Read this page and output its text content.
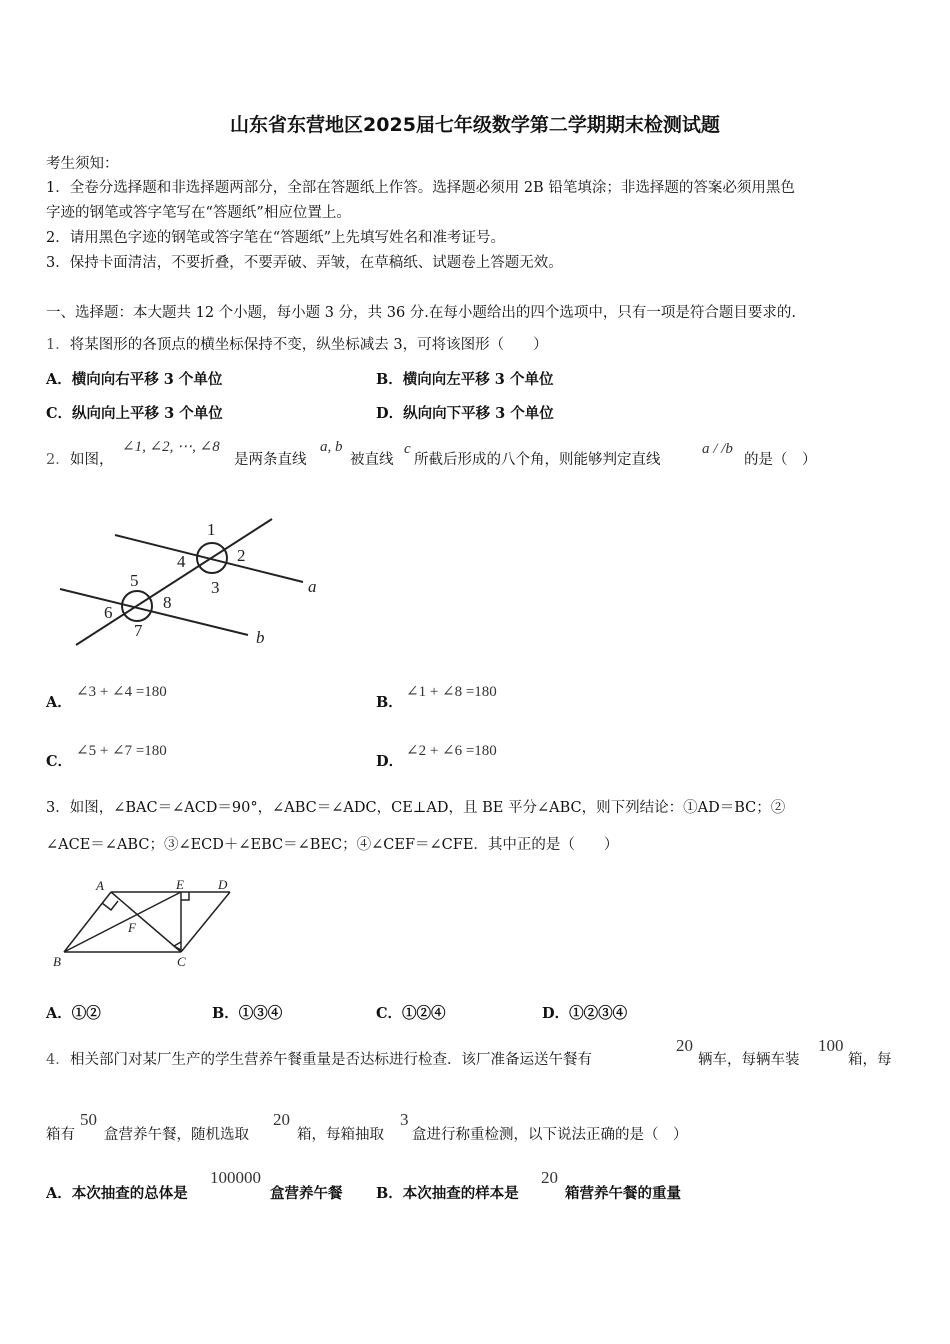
山东省东营地区2025届七年级数学第二学期期末检测试题
考生须知：
1．全卷分选择题和非选择题两部分，全部在答题纸上作答。选择题必须用 2B 铅笔填涂；非选择题的答案必须用黑色
字迹的钢笔或答字笔写在“答题纸”相应位置上。
2．请用黑色字迹的钢笔或答字笔在“答题纸”上先填写姓名和准考证号。
3．保持卡面清洁，不要折叠，不要弄破、弄皱，在草稿纸、试题卷上答题无效。
一、选择题：本大题共 12 个小题，每小题 3 分，共 36 分.在每小题给出的四个选项中，只有一项是符合题目要求的.
1．将某图形的各顶点的横坐标保持不变，纵坐标减去 3，可将该图形（　　）
A．横向向右平移 3 个单位	B．横向向左平移 3 个单位
C．纵向向上平移 3 个单位	D．纵向向下平移 3 个单位
2． 如图，
∠1, ∠2, ⋯, ∠8
是两条直线
a, b
被直线
c
所截后形成的八个角，则能够判定直线
a / /b
的是（　）
1
2
3
4
5
6
7
8
a
b
A．
∠3 + ∠4 =180
B．
∠1 + ∠8 =180
C．
∠5 + ∠7 =180
D．
∠2 + ∠6 =180
3．如图，∠BAC＝∠ACD＝90°，∠ABC＝∠ADC，CE⊥AD，且 BE 平分∠ABC，则下列结论：①AD＝BC；②
∠ACE＝∠ABC；③∠ECD＋∠EBC＝∠BEC；④∠CEF＝∠CFE．其中正的是（　　）
A	E	D
F
B	C
A．①②	B．①③④	C．①②④	D．①②③④
4． 相关部门对某厂生产的学生营养午餐重量是否达标进行检查．该厂准备运送午餐有
20
辆车，每辆车装
100
箱，每
箱有
50
盒营养午餐，随机选取
20
箱，每箱抽取
3
盒进行称重检测，以下说法正确的是（　）
A．本次抽查的总体是
100000
盒营养午餐 B．本次抽查的样本是
20
箱营养午餐的重量
